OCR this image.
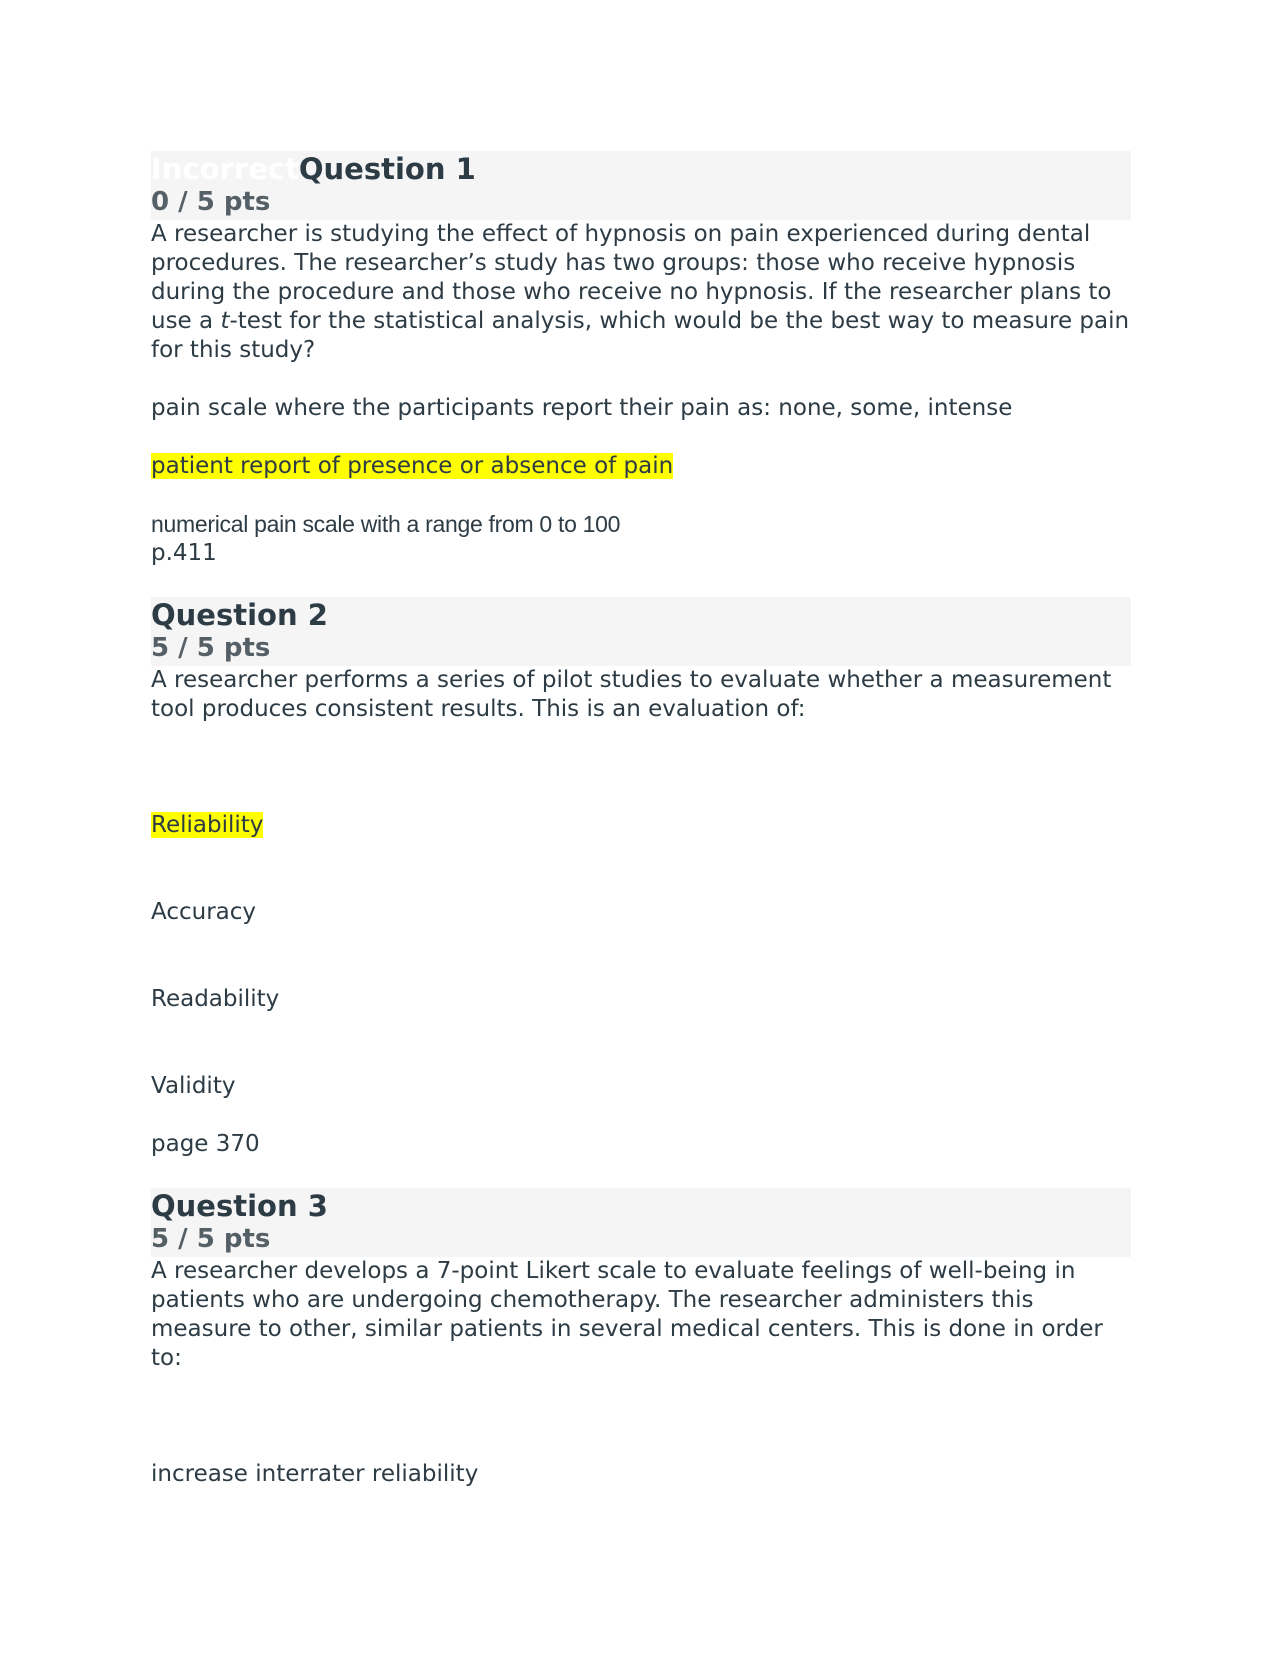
IncorrectQuestion 1
0 / 5 pts

A researcher is studying the effect of hypnosis on pain experienced during dental procedures. The researcher’s study has two groups: those who receive hypnosis during the procedure and those who receive no hypnosis. If the researcher plans to use a t-test for the statistical analysis, which would be the best way to measure pain for this study?

pain scale where the participants report their pain as: none, some, intense

patient report of presence or absence of pain

numerical pain scale with a range from 0 to 100

p.411

Question 2
5 / 5 pts

A researcher performs a series of pilot studies to evaluate whether a measurement tool produces consistent results. This is an evaluation of:

Reliability

Accuracy

Readability

Validity

page 370

Question 3
5 / 5 pts

A researcher develops a 7-point Likert scale to evaluate feelings of well-being in patients who are undergoing chemotherapy. The researcher administers this measure to other, similar patients in several medical centers. This is done in order to:

increase interrater reliability
